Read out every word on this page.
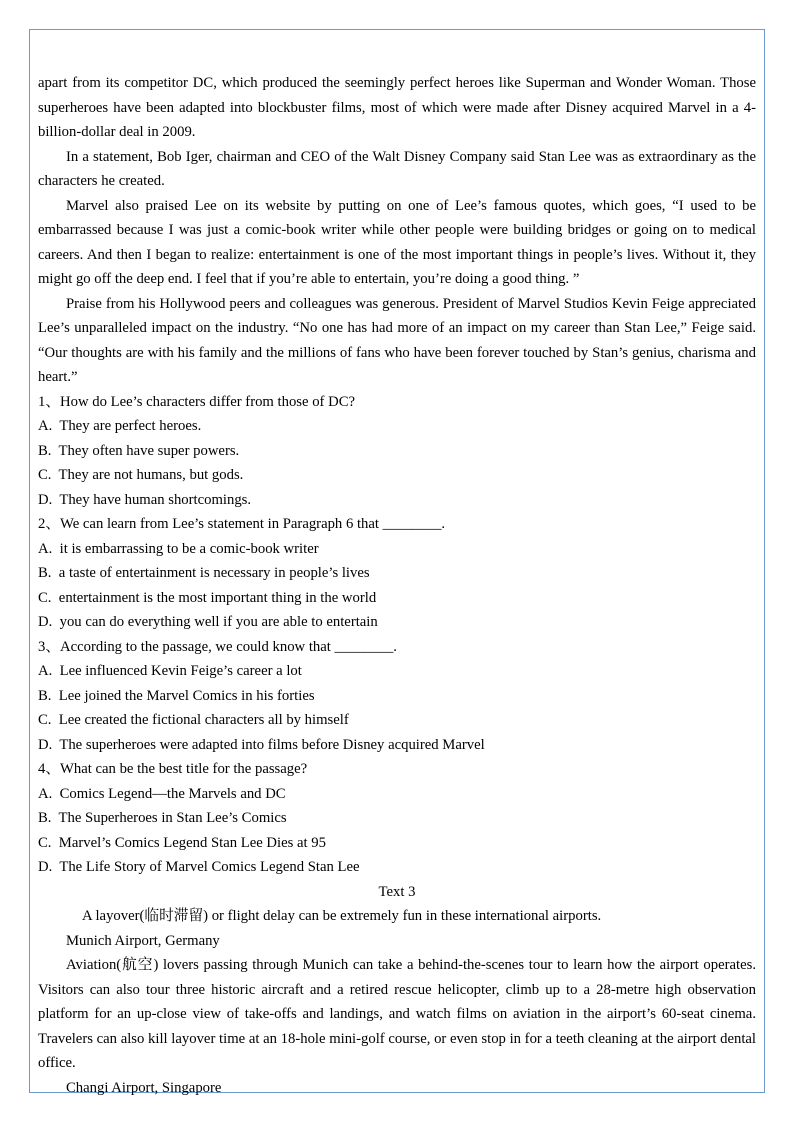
apart from its competitor DC, which produced the seemingly perfect heroes like Superman and Wonder Woman. Those superheroes have been adapted into blockbuster films, most of which were made after Disney acquired Marvel in a 4-billion-dollar deal in 2009.

In a statement, Bob Iger, chairman and CEO of the Walt Disney Company said Stan Lee was as extraordinary as the characters he created.

Marvel also praised Lee on its website by putting on one of Lee’s famous quotes, which goes, “I used to be embarrassed because I was just a comic-book writer while other people were building bridges or going on to medical careers. And then I began to realize: entertainment is one of the most important things in people’s lives. Without it, they might go off the deep end. I feel that if you’re able to entertain, you’re doing a good thing. ”

Praise from his Hollywood peers and colleagues was generous. President of Marvel Studios Kevin Feige appreciated Lee’s unparalleled impact on the industry. “No one has had more of an impact on my career than Stan Lee,” Feige said. “Our thoughts are with his family and the millions of fans who have been forever touched by Stan’s genius, charisma and heart.”

1、How do Lee’s characters differ from those of DC?

A.  They are perfect heroes.

B.  They often have super powers.

C.  They are not humans, but gods.

D.  They have human shortcomings.

2、We can learn from Lee’s statement in Paragraph 6 that ________.

A.  it is embarrassing to be a comic-book writer

B.  a taste of entertainment is necessary in people’s lives

C.  entertainment is the most important thing in the world

D.  you can do everything well if you are able to entertain

3、According to the passage, we could know that ________.

A.  Lee influenced Kevin Feige’s career a lot

B.  Lee joined the Marvel Comics in his forties

C.  Lee created the fictional characters all by himself

D.  The superheroes were adapted into films before Disney acquired Marvel

4、What can be the best title for the passage?

A.  Comics Legend—the Marvels and DC

B.  The Superheroes in Stan Lee’s Comics

C.  Marvel’s Comics Legend Stan Lee Dies at 95

D.  The Life Story of Marvel Comics Legend Stan Lee

Text 3

A layover(临时滞留) or flight delay can be extremely fun in these international airports.

Munich Airport, Germany

Aviation(航空) lovers passing through Munich can take a behind-the-scenes tour to learn how the airport operates. Visitors can also tour three historic aircraft and a retired rescue helicopter, climb up to a 28-metre high observation platform for an up-close view of take-offs and landings, and watch films on aviation in the airport’s 60-seat cinema. Travelers can also kill layover time at an 18-hole mini-golf course, or even stop in for a teeth cleaning at the airport dental office.

Changi Airport, Singapore
